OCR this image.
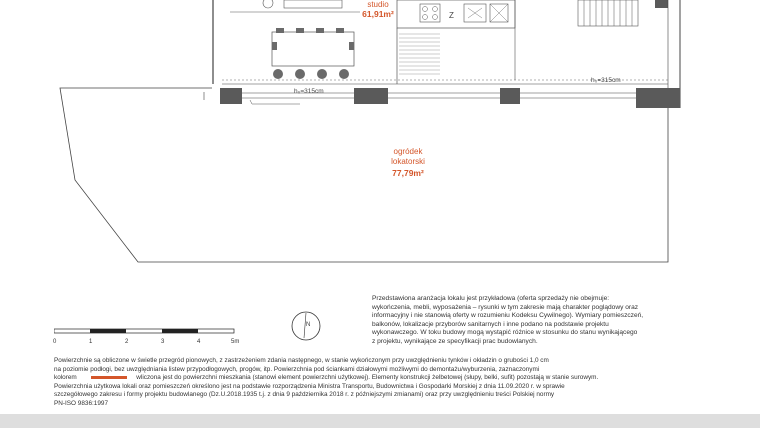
Z
studio
61,91m²
ogródek
lokatorski
77,79m²
h₀=315cm
h₀=315cm
0	1	2	3	4	5m
N
Przedstawiona aranżacja lokalu jest przykładowa (oferta sprzedaży nie obejmuje:
wykończenia, mebli, wyposażenia – rysunki w tym zakresie mają charakter poglądowy oraz
informacyjny i nie stanowią oferty w rozumieniu Kodeksu Cywilnego). Wymiary pomieszczeń,
balkonów, lokalizacje przyborów sanitarnych i inne podano na podstawie projektu
wykonawczego. W toku budowy mogą wystąpić różnice w stosunku do stanu wynikającego
z projektu, wynikające ze specyfikacji prac budowlanych.
Powierzchnie są obliczone w świetle przegród pionowych, z zastrzeżeniem zdania następnego, w stanie wykończonym przy uwzględnieniu tynków i okładzin o grubości 1,0 cm
na poziomie podłogi, bez uwzględniania listew przypodłogowych, progów, itp. Powierzchnia pod ściankami działowymi możliwymi do demontażu/wyburzenia, zaznaczonymi
kolorem	wliczona jest do powierzchni mieszkania (stanowi element powierzchni użytkowej). Elementy konstrukcji żelbetowej (słupy, belki, sufit) pozostają w stanie surowym.
Powierzchnia użytkowa lokali oraz pomieszczeń określono jest na podstawie rozporządzenia Ministra Transportu, Budownictwa i Gospodarki Morskiej z dnia 11.09.2020 r. w sprawie
szczegółowego zakresu i formy projektu budowlanego (Dz.U.2018.1935 t.j. z dnia 9 października 2018 r. z późniejszymi zmianami) oraz przy uwzględnieniu treści Polskiej normy
PN-ISO 9836:1997
